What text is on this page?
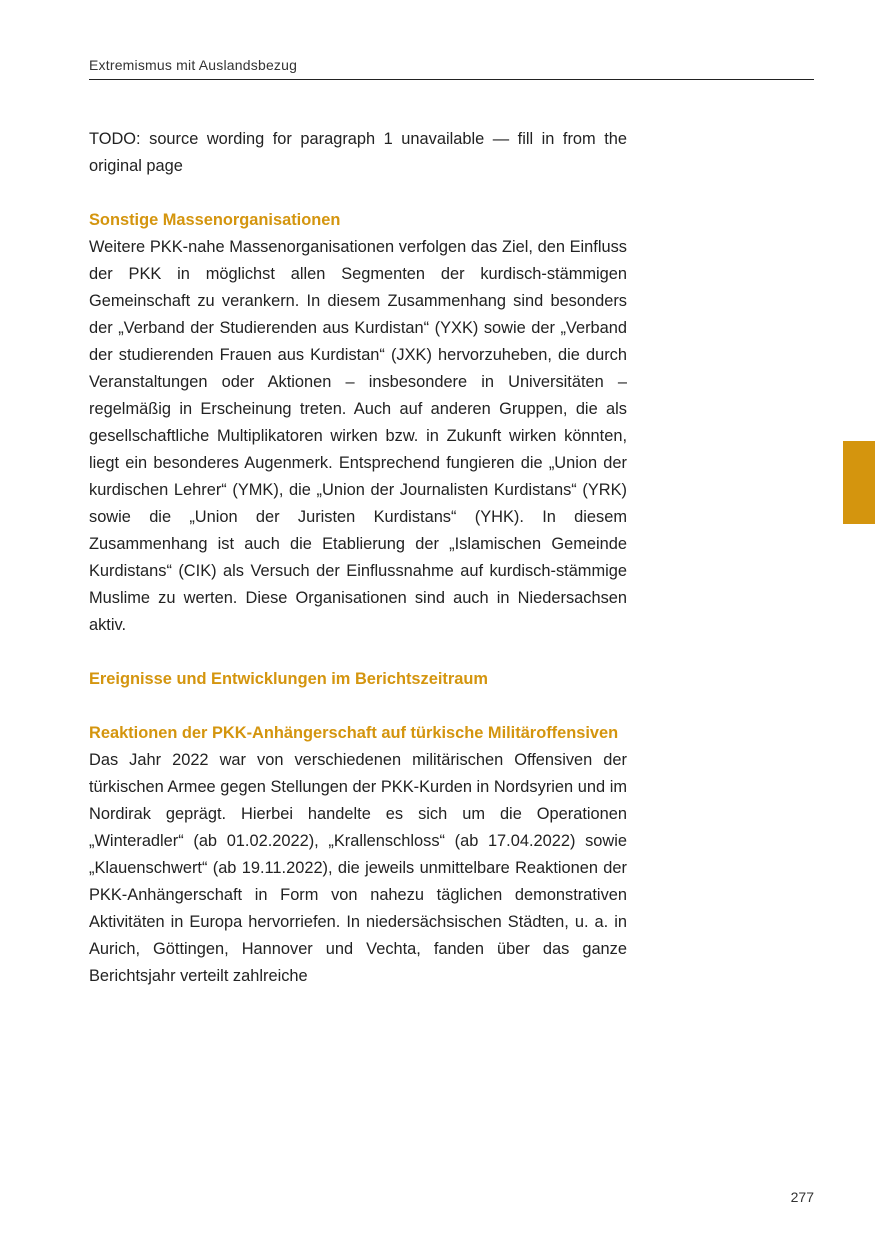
Extremismus mit Auslandsbezug

TODO: source wording for paragraph 1 unavailable — fill in from the original page

Sonstige Massenorganisationen

Weitere PKK-nahe Massenorganisationen verfolgen das Ziel, den Einfluss der PKK in möglichst allen Segmenten der kurdisch-stämmigen Gemeinschaft zu verankern. In diesem Zusammenhang sind besonders der „Verband der Studierenden aus Kurdistan“ (YXK) sowie der „Verband der studierenden Frauen aus Kurdistan“ (JXK) hervorzuheben, die durch Veranstaltungen oder Aktionen – insbesondere in Universitäten – regelmäßig in Erscheinung treten. Auch auf anderen Gruppen, die als gesellschaftliche Multiplikatoren wirken bzw. in Zukunft wirken könnten, liegt ein besonderes Augenmerk. Entsprechend fungieren die „Union der kurdischen Lehrer“ (YMK), die „Union der Journalisten Kurdistans“ (YRK) sowie die „Union der Juristen Kurdistans“ (YHK). In diesem Zusammenhang ist auch die Etablierung der „Islamischen Gemeinde Kurdistans“ (CIK) als Versuch der Einflussnahme auf kurdisch-stämmige Muslime zu werten. Diese Organisationen sind auch in Niedersachsen aktiv.

Ereignisse und Entwicklungen im Berichtszeitraum
Reaktionen der PKK-Anhängerschaft auf türkische Militäroffensiven

Das Jahr 2022 war von verschiedenen militärischen Offensiven der türkischen Armee gegen Stellungen der PKK-Kurden in Nordsyrien und im Nordirak geprägt. Hierbei handelte es sich um die Operationen „Winteradler“ (ab 01.02.2022), „Krallenschloss“ (ab 17.04.2022) sowie „Klauenschwert“ (ab 19.11.2022), die jeweils unmittelbare Reaktionen der PKK-Anhängerschaft in Form von nahezu täglichen demonstrativen Aktivitäten in Europa hervorriefen. In niedersächsischen Städten, u. a. in Aurich, Göttingen, Hannover und Vechta, fanden über das ganze Berichtsjahr verteilt zahlreiche

277
